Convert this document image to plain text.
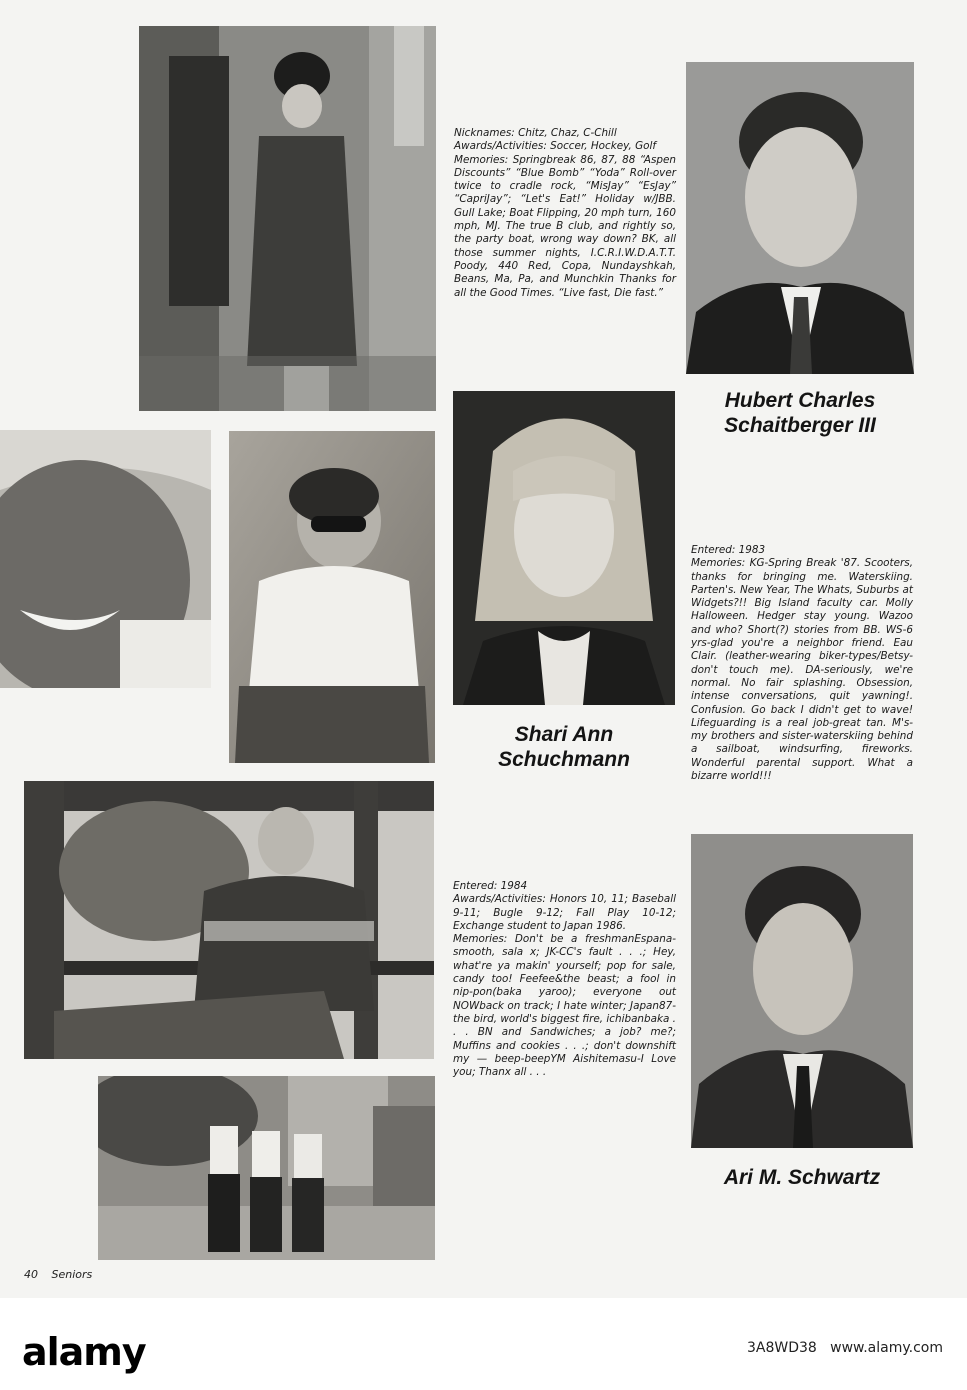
Nicknames: Chitz, Chaz, C-Chill
Awards/Activities: Soccer, Hockey, Golf
Memories: Springbreak 86, 87, 88 “Aspen Discounts” “Blue Bomb” “Yoda” Roll-over twice to cradle rock, “MisJay” “EsJay” “CapriJay”; “Let's Eat!” Holiday w/JBB. Gull Lake; Boat Flipping, 20 mph turn, 160 mph, MJ. The true B club, and rightly so, the party boat, wrong way down? BK, all those summer nights, I.C.R.I.W.D.A.T.T. Poody, 440 Red, Copa, Nundayshkah, Beans, Ma, Pa, and Munchkin Thanks for all the Good Times. “Live fast, Die fast.”
Hubert Charles
Schaitberger III
Shari Ann
Schuchmann
Entered: 1983
Memories: KG-Spring Break '87. Scooters, thanks for bringing me. Waterskiing. Parten's. New Year, The Whats, Suburbs at Widgets?!! Big Island faculty car. Molly Halloween. Hedger stay young. Wazoo and who? Short(?) stories from BB. WS-6 yrs-glad you're a neighbor friend. Eau Clair. (leather-wearing biker-types/Betsy-don't touch me). DA-seriously, we're normal. No fair splashing. Obsession, intense conversations, quit yawning!. Confusion. Go back I didn't get to wave! Lifeguarding is a real job-great tan. M's-my brothers and sister-waterskiing behind a sailboat, windsurfing, fireworks. Wonderful parental support. What a bizarre world!!!
Entered: 1984
Awards/Activities: Honors 10, 11; Baseball 9-11; Bugle 9-12; Fall Play 10-12; Exchange student to Japan 1986.
Memories: Don't be a freshmanEspana-smooth, sala x; JK-CC's fault . . .; Hey, what're ya makin' yourself; pop for sale, candy too! Feefee&the beast; a fool in nip-pon(baka yaroo); everyone out NOWback on track; I hate winter; Japan87-the bird, world's biggest fire, ichibanbaka . . . BN and Sandwiches; a job? me?; Muffins and cookies . . .; don't downshift my — beep-beepYM Aishitemasu-I Love you; Thanx all . . .
Ari M. Schwartz
40 Seniors
alamy	3A8WD38 www.alamy.com
